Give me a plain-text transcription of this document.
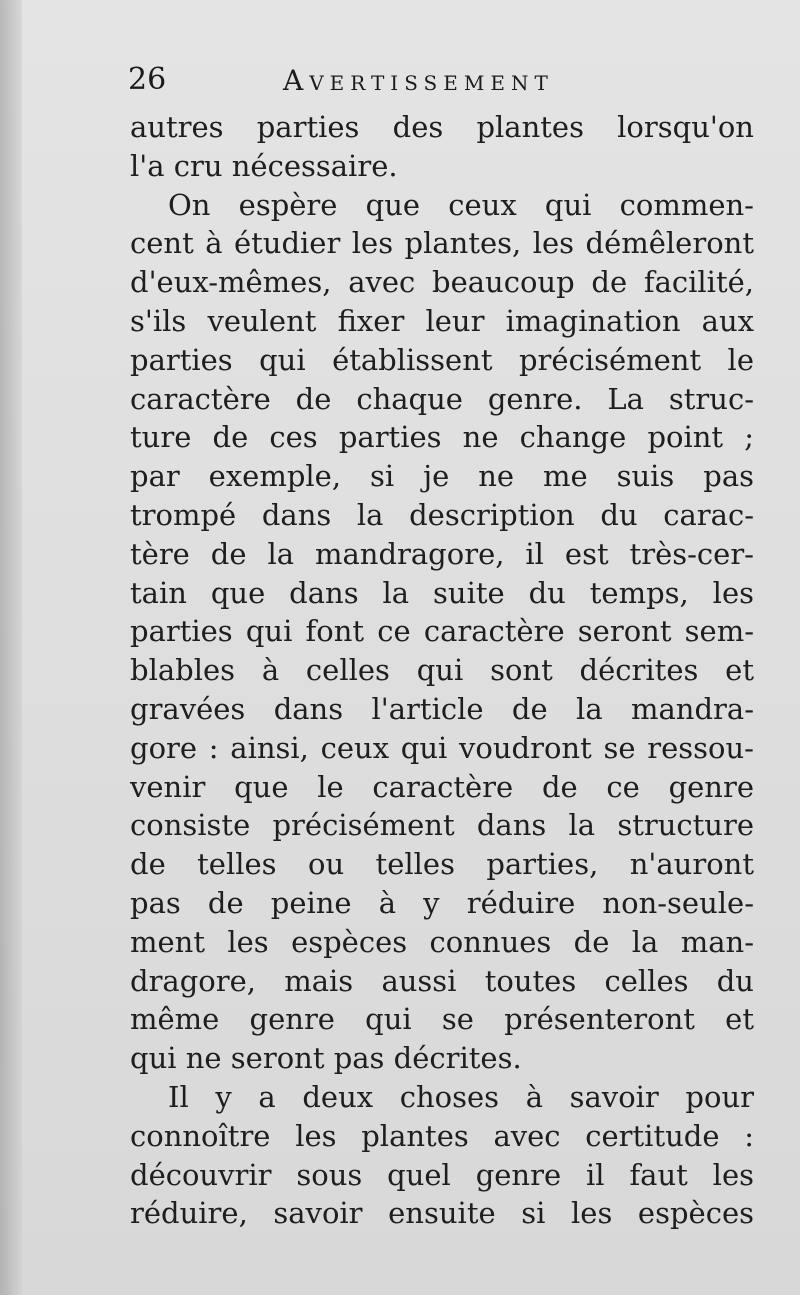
26	Avertissement
autres parties des plantes lorsqu'on
l'a cru nécessaire.
On espère que ceux qui commen-
cent à étudier les plantes, les démêleront
d'eux-mêmes, avec beaucoup de facilité,
s'ils veulent fixer leur imagination aux
parties qui établissent précisément le
caractère de chaque genre. La struc-
ture de ces parties ne change point ;
par exemple, si je ne me suis pas
trompé dans la description du carac-
tère de la mandragore, il est très-cer-
tain que dans la suite du temps, les
parties qui font ce caractère seront sem-
blables à celles qui sont décrites et
gravées dans l'article de la mandra-
gore : ainsi, ceux qui voudront se ressou-
venir que le caractère de ce genre
consiste précisément dans la structure
de telles ou telles parties, n'auront
pas de peine à y réduire non-seule-
ment les espèces connues de la man-
dragore, mais aussi toutes celles du
même genre qui se présenteront et
qui ne seront pas décrites.
Il y a deux choses à savoir pour
connoître les plantes avec certitude :
découvrir sous quel genre il faut les
réduire, savoir ensuite si les espèces
